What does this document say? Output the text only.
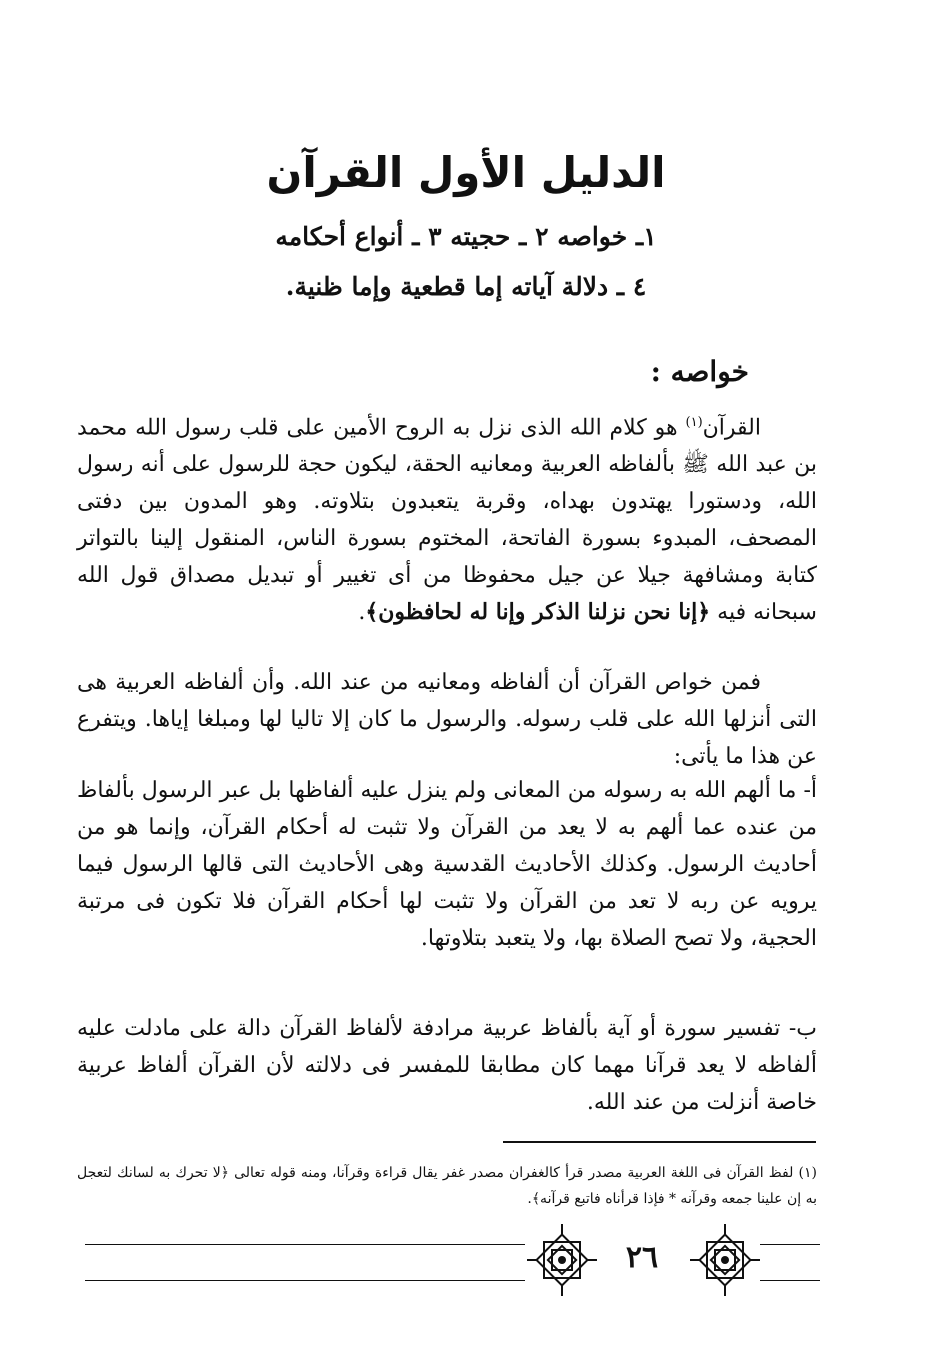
الدليل الأول القرآن
١ـ خواصه ٢ ـ حجيته ٣ ـ أنواع أحكامه
٤ ـ دلالة آياته إما قطعية وإما ظنية.
خواصه :

القرآن$^{(١)}$ هو كلام الله الذى نزل به الروح الأمين على قلب رسول الله محمد بن عبد الله ﷺ بألفاظه العربية ومعانيه الحقة، ليكون حجة للرسول على أنه رسول الله، ودستورا يهتدون بهداه، وقربة يتعبدون بتلاوته. وهو المدون بين دفتى المصحف، المبدوء بسورة الفاتحة، المختوم بسورة الناس، المنقول إلينا بالتواتر كتابة ومشافهة جيلا عن جيل محفوظا من أى تغيير أو تبديل مصداق قول الله سبحانه فيه ﴿إنا نحن نزلنا الذكر وإنا له لحافظون﴾.

فمن خواص القرآن أن ألفاظه ومعانيه من عند الله. وأن ألفاظه العربية هى التى أنزلها الله على قلب رسوله. والرسول ما كان إلا تاليا لها ومبلغا إياها. ويتفرع عن هذا ما يأتى:

أ- ما ألهم الله به رسوله من المعانى ولم ينزل عليه ألفاظها بل عبر الرسول بألفاظ من عنده عما ألهم به لا يعد من القرآن ولا تثبت له أحكام القرآن، وإنما هو من أحاديث الرسول. وكذلك الأحاديث القدسية وهى الأحاديث التى قالها الرسول فيما يرويه عن ربه لا تعد من القرآن ولا تثبت لها أحكام القرآن فلا تكون فى مرتبة الحجية، ولا تصح الصلاة بها، ولا يتعبد بتلاوتها.

ب- تفسير سورة أو آية بألفاظ عربية مرادفة لألفاظ القرآن دالة على مادلت عليه ألفاظه لا يعد قرآنا مهما كان مطابقا للمفسر فى دلالته لأن القرآن ألفاظ عربية خاصة أنزلت من عند الله.

(١) لفظ القرآن فى اللغة العربية مصدر قرأ كالغفران مصدر غفر يقال قراءة وقرآنا، ومنه قوله تعالى ﴿لا تحرك به لسانك لتعجل به إن علينا جمعه وقرآنه * فإذا قرأناه فاتبع قرآنه﴾.
٢٦
